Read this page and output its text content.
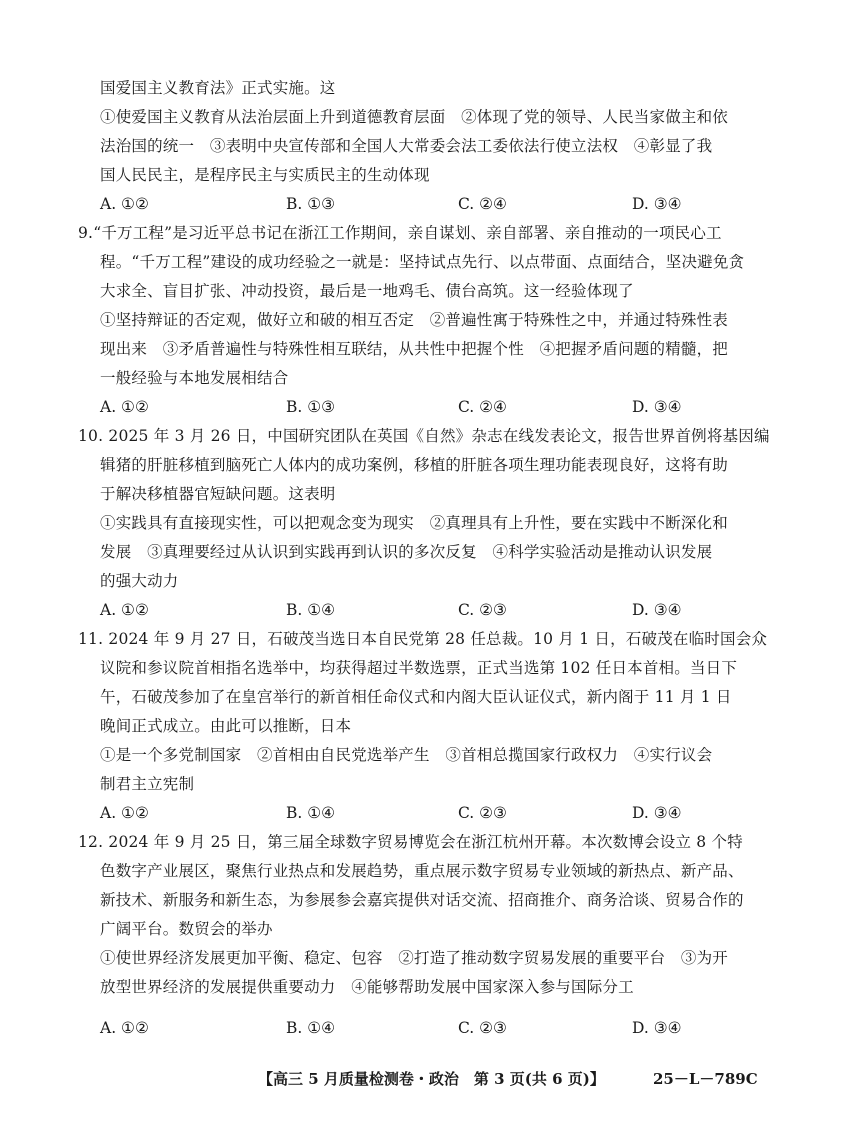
国爱国主义教育法》正式实施。这

①使爱国主义教育从法治层面上升到道德教育层面　②体现了党的领导、人民当家做主和依

法治国的统一　③表明中央宣传部和全国人大常委会法工委依法行使立法权　④彰显了我

国人民民主，是程序民主与实质民主的生动体现

A. ①②	B. ①③	C. ②④	D. ③④

9.“千万工程”是习近平总书记在浙江工作期间，亲自谋划、亲自部署、亲自推动的一项民心工

程。“千万工程”建设的成功经验之一就是：坚持试点先行、以点带面、点面结合，坚决避免贪

大求全、盲目扩张、冲动投资，最后是一地鸡毛、债台高筑。这一经验体现了

①坚持辩证的否定观，做好立和破的相互否定　②普遍性寓于特殊性之中，并通过特殊性表

现出来　③矛盾普遍性与特殊性相互联结，从共性中把握个性　④把握矛盾问题的精髓，把

一般经验与本地发展相结合

A. ①②	B. ①③	C. ②④	D. ③④

10. 2025 年 3 月 26 日，中国研究团队在英国《自然》杂志在线发表论文，报告世界首例将基因编

辑猪的肝脏移植到脑死亡人体内的成功案例，移植的肝脏各项生理功能表现良好，这将有助

于解决移植器官短缺问题。这表明

①实践具有直接现实性，可以把观念变为现实　②真理具有上升性，要在实践中不断深化和

发展　③真理要经过从认识到实践再到认识的多次反复　④科学实验活动是推动认识发展

的强大动力

A. ①②	B. ①④	C. ②③	D. ③④

11. 2024 年 9 月 27 日，石破茂当选日本自民党第 28 任总裁。10 月 1 日，石破茂在临时国会众

议院和参议院首相指名选举中，均获得超过半数选票，正式当选第 102 任日本首相。当日下

午，石破茂参加了在皇宫举行的新首相任命仪式和内阁大臣认证仪式，新内阁于 11 月 1 日

晚间正式成立。由此可以推断，日本

①是一个多党制国家　②首相由自民党选举产生　③首相总揽国家行政权力　④实行议会

制君主立宪制

A. ①②	B. ①④	C. ②③	D. ③④

12. 2024 年 9 月 25 日，第三届全球数字贸易博览会在浙江杭州开幕。本次数博会设立 8 个特

色数字产业展区，聚焦行业热点和发展趋势，重点展示数字贸易专业领域的新热点、新产品、

新技术、新服务和新生态，为参展参会嘉宾提供对话交流、招商推介、商务洽谈、贸易合作的

广阔平台。数贸会的举办

①使世界经济发展更加平衡、稳定、包容　②打造了推动数字贸易发展的重要平台　③为开

放型世界经济的发展提供重要动力　④能够帮助发展中国家深入参与国际分工

A. ①②	B. ①④	C. ②③	D. ③④
【高三 5 月质量检测卷・政治　第 3 页(共 6 页)】	25－L－789C
